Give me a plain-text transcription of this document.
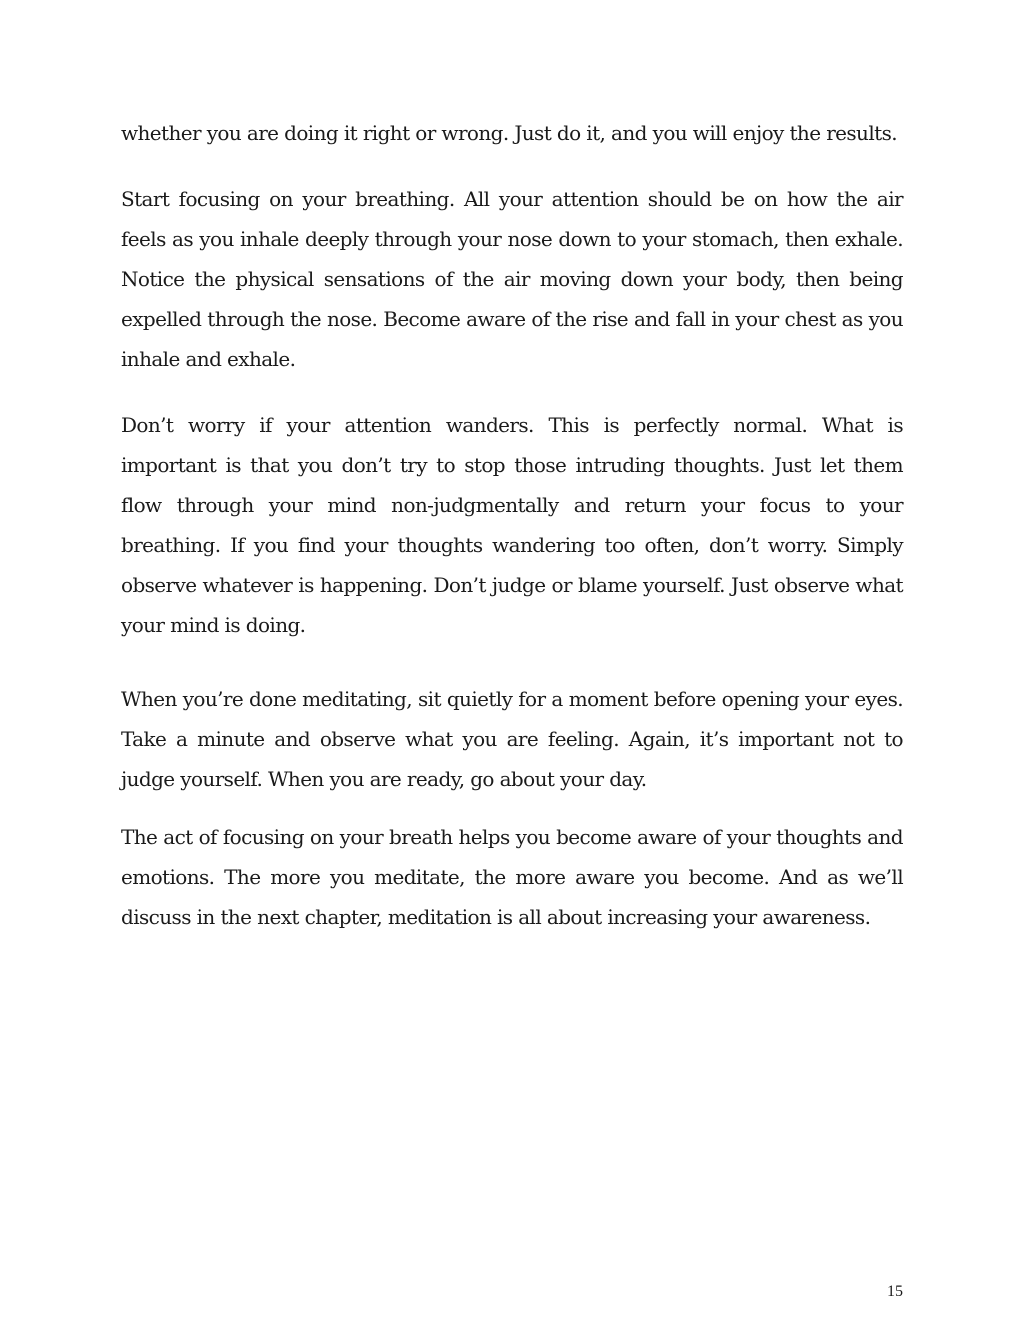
whether you are doing it right or wrong. Just do it, and you will enjoy the results.

Start focusing on your breathing. All your attention should be on how the air feels as you inhale deeply through your nose down to your stomach, then exhale. Notice the physical sensations of the air moving down your body, then being expelled through the nose. Become aware of the rise and fall in your chest as you inhale and exhale.

Don’t worry if your attention wanders. This is perfectly normal. What is important is that you don’t try to stop those intruding thoughts. Just let them flow through your mind non-judgmentally and return your focus to your breathing. If you find your thoughts wandering too often, don’t worry. Simply observe whatever is happening. Don’t judge or blame yourself. Just observe what your mind is doing.

When you’re done meditating, sit quietly for a moment before opening your eyes. Take a minute and observe what you are feeling. Again, it’s important not to judge yourself. When you are ready, go about your day.

The act of focusing on your breath helps you become aware of your thoughts and emotions. The more you meditate, the more aware you become. And as we’ll discuss in the next chapter, meditation is all about increasing your awareness.

15
